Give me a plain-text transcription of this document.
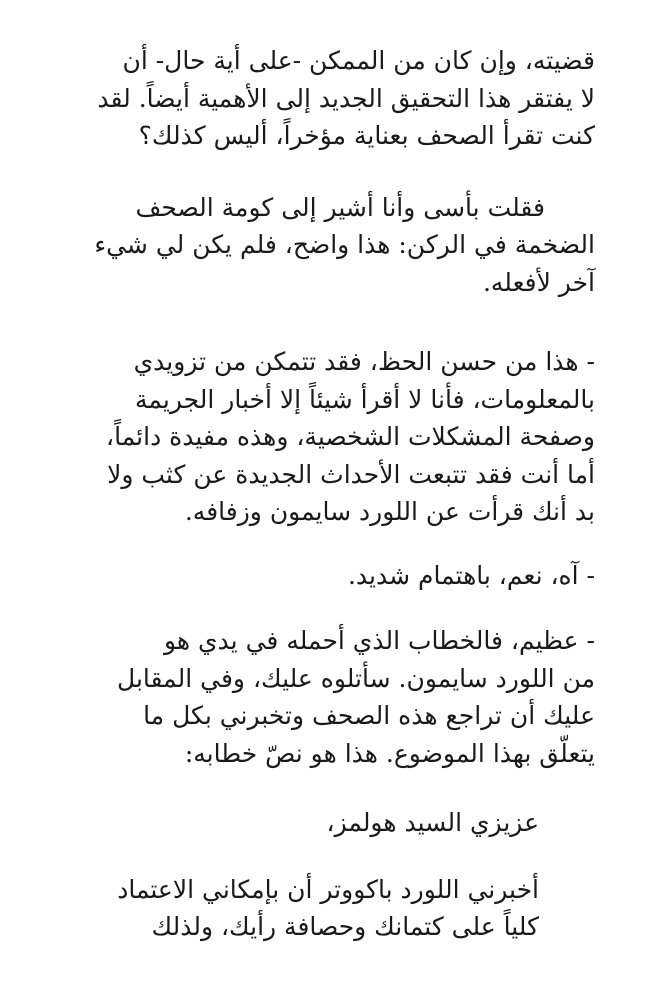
قضيته، وإن كان من الممكن -على أية حال- أن
لا يفتقر هذا التحقيق الجديد إلى الأهمية أيضاً. لقد
كنت تقرأ الصحف بعناية مؤخراً، أليس كذلك؟

فقلت بأسى وأنا أشير إلى كومة الصحف
الضخمة في الركن: هذا واضح، فلم يكن لي شيء
آخر لأفعله.

- هذا من حسن الحظ، فقد تتمكن من تزويدي
بالمعلومات، فأنا لا أقرأ شيئاً إلا أخبار الجريمة
وصفحة المشكلات الشخصية، وهذه مفيدة دائماً،
أما أنت فقد تتبعت الأحداث الجديدة عن كثب ولا
بد أنك قرأت عن اللورد سايمون وزفافه.

- آه، نعم، باهتمام شديد.

- عظيم، فالخطاب الذي أحمله في يدي هو
من اللورد سايمون. سأتلوه عليك، وفي المقابل
عليك أن تراجع هذه الصحف وتخبرني بكل ما
يتعلّق بهذا الموضوع. هذا هو نصّ خطابه:

عزيزي السيد هولمز،

أخبرني اللورد باكووتر أن بإمكاني الاعتماد
كلياً على كتمانك وحصافة رأيك، ولذلك
